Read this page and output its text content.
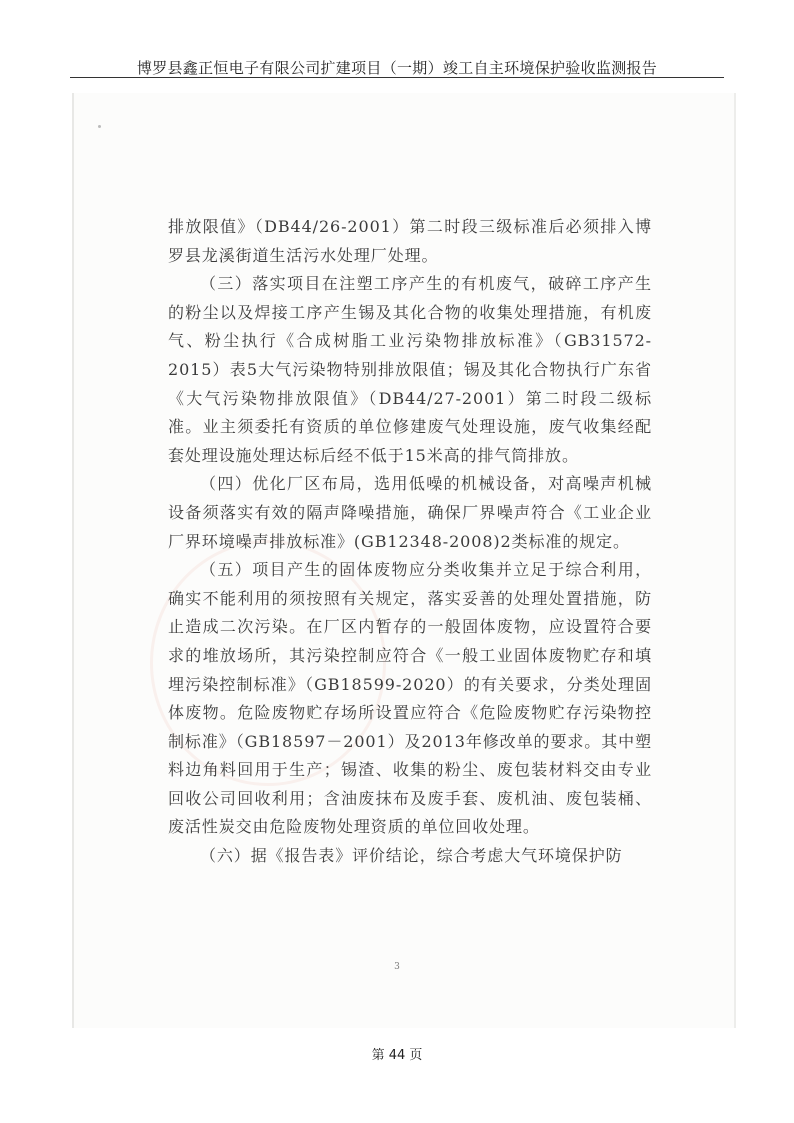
博罗县鑫正恒电子有限公司扩建项目（一期）竣工自主环境保护验收监测报告

排放限值》（DB44/26-2001）第二时段三级标准后必须排入博罗县龙溪街道生活污水处理厂处理。

（三）落实项目在注塑工序产生的有机废气，破碎工序产生的粉尘以及焊接工序产生锡及其化合物的收集处理措施，有机废气、粉尘执行《合成树脂工业污染物排放标准》（GB31572-2015）表5大气污染物特别排放限值；锡及其化合物执行广东省《大气污染物排放限值》（DB44/27-2001）第二时段二级标准。业主须委托有资质的单位修建废气处理设施，废气收集经配套处理设施处理达标后经不低于15米高的排气筒排放。

（四）优化厂区布局，选用低噪的机械设备，对高噪声机械设备须落实有效的隔声降噪措施，确保厂界噪声符合《工业企业厂界环境噪声排放标准》(GB12348-2008)2类标准的规定。

（五）项目产生的固体废物应分类收集并立足于综合利用，确实不能利用的须按照有关规定，落实妥善的处理处置措施，防止造成二次污染。在厂区内暂存的一般固体废物，应设置符合要求的堆放场所，其污染控制应符合《一般工业固体废物贮存和填埋污染控制标准》（GB18599-2020）的有关要求，分类处理固体废物。危险废物贮存场所设置应符合《危险废物贮存污染物控制标准》（GB18597－2001）及2013年修改单的要求。其中塑料边角料回用于生产；锡渣、收集的粉尘、废包装材料交由专业回收公司回收利用；含油废抹布及废手套、废机油、废包装桶、废活性炭交由危险废物处理资质的单位回收处理。

（六）据《报告表》评价结论，综合考虑大气环境保护防

3
第 44 页
